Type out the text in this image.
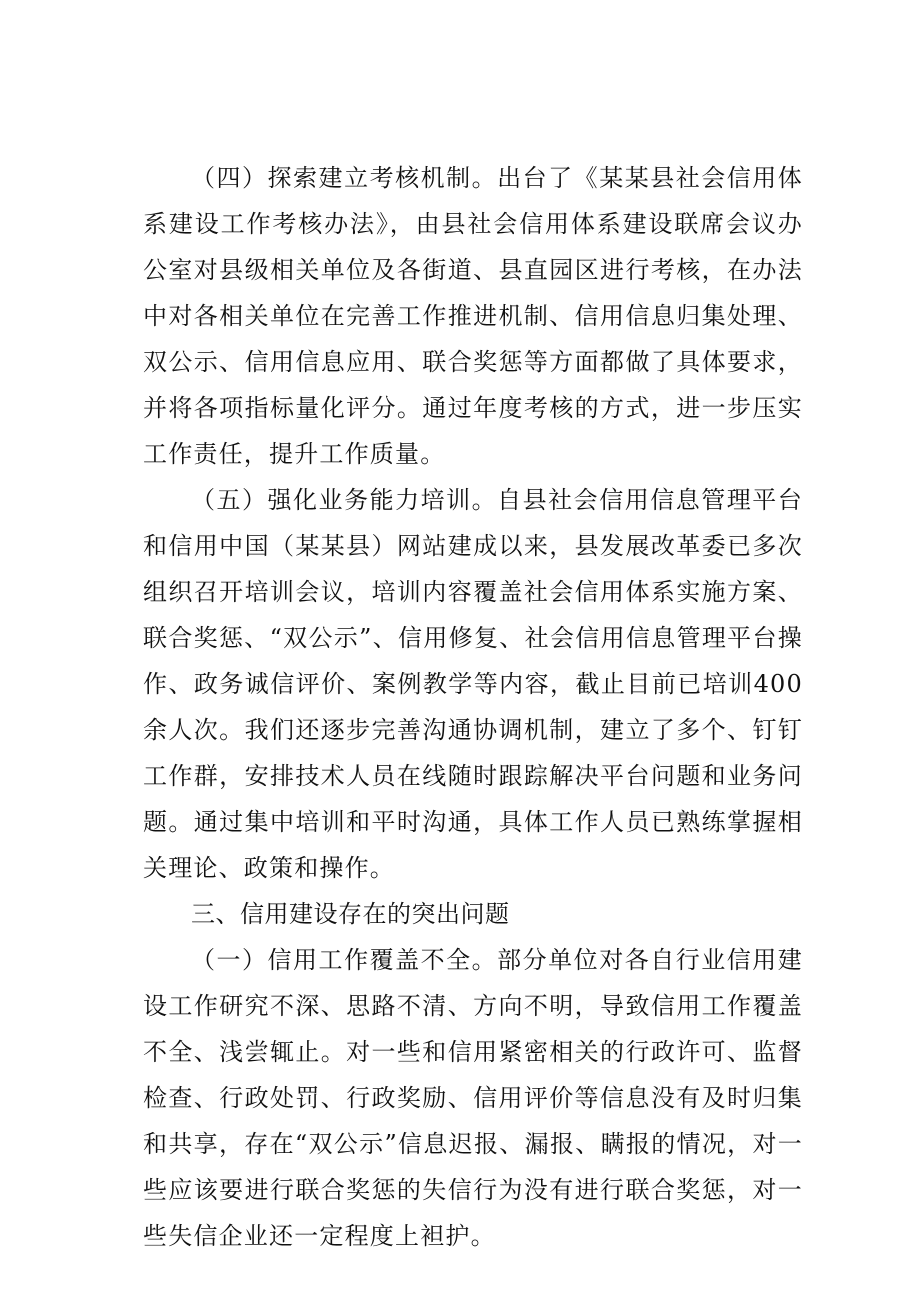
（四）探索建立考核机制。出台了《某某县社会信用体系建设工作考核办法》，由县社会信用体系建设联席会议办公室对县级相关单位及各街道、县直园区进行考核，在办法中对各相关单位在完善工作推进机制、信用信息归集处理、双公示、信用信息应用、联合奖惩等方面都做了具体要求，并将各项指标量化评分。通过年度考核的方式，进一步压实工作责任，提升工作质量。

（五）强化业务能力培训。自县社会信用信息管理平台和信用中国（某某县）网站建成以来，县发展改革委已多次组织召开培训会议，培训内容覆盖社会信用体系实施方案、联合奖惩、“双公示”、信用修复、社会信用信息管理平台操作、政务诚信评价、案例教学等内容，截止目前已培训400余人次。我们还逐步完善沟通协调机制，建立了多个、钉钉工作群，安排技术人员在线随时跟踪解决平台问题和业务问题。通过集中培训和平时沟通，具体工作人员已熟练掌握相关理论、政策和操作。

三、信用建设存在的突出问题

（一）信用工作覆盖不全。部分单位对各自行业信用建设工作研究不深、思路不清、方向不明，导致信用工作覆盖不全、浅尝辄止。对一些和信用紧密相关的行政许可、监督检查、行政处罚、行政奖励、信用评价等信息没有及时归集和共享，存在“双公示”信息迟报、漏报、瞒报的情况，对一些应该要进行联合奖惩的失信行为没有进行联合奖惩，对一些失信企业还一定程度上袒护。
